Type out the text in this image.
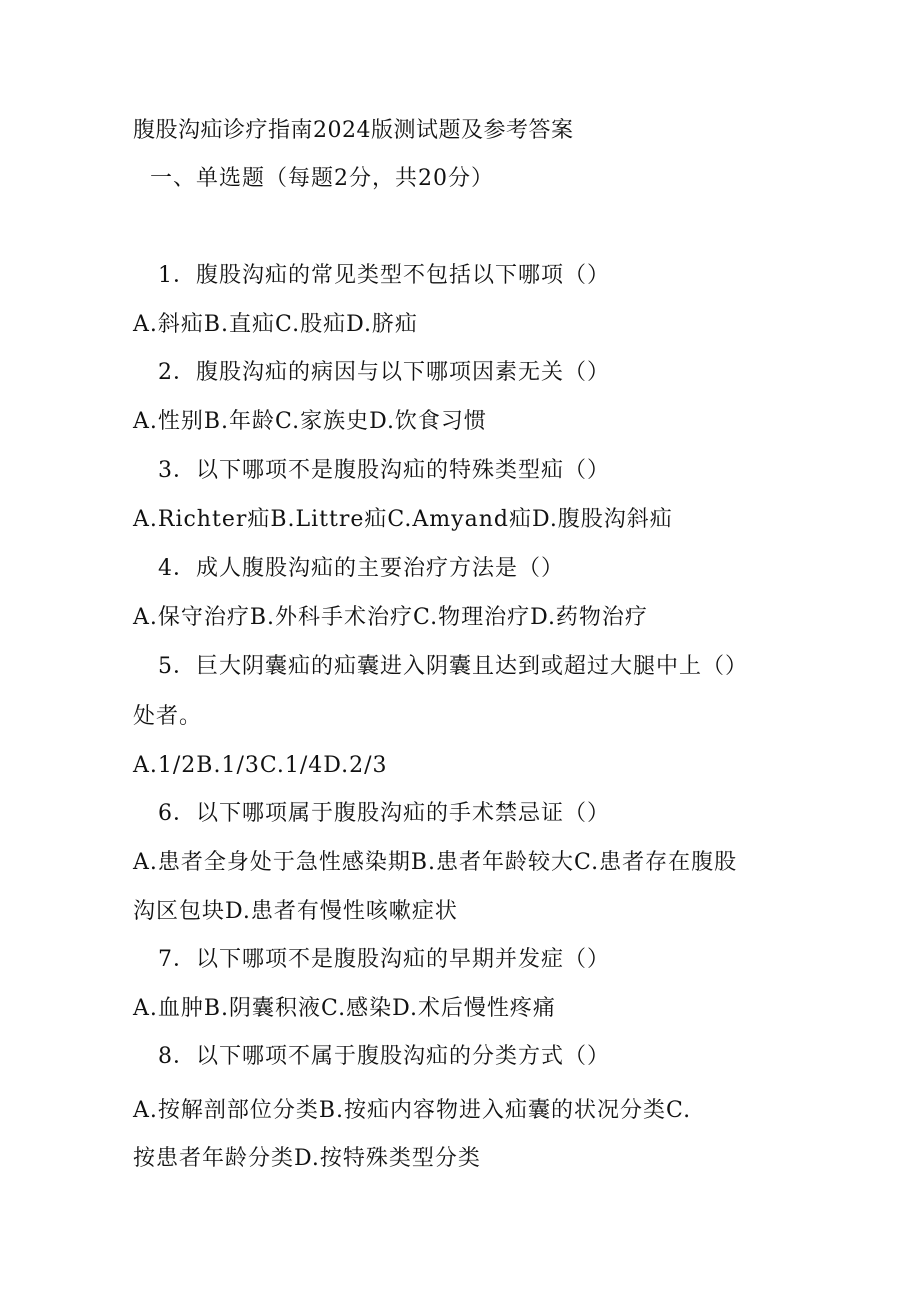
腹股沟疝诊疗指南2024版测试题及参考答案
一、单选题（每题2分，共20分）
1．腹股沟疝的常见类型不包括以下哪项（）
A.斜疝B.直疝C.股疝D.脐疝
2．腹股沟疝的病因与以下哪项因素无关（）
A.性别B.年龄C.家族史D.饮食习惯
3．以下哪项不是腹股沟疝的特殊类型疝（）
A.Richter疝B.Littre疝C.Amyand疝D.腹股沟斜疝
4．成人腹股沟疝的主要治疗方法是（）
A.保守治疗B.外科手术治疗C.物理治疗D.药物治疗
5．巨大阴囊疝的疝囊进入阴囊且达到或超过大腿中上（）
处者。
A.1/2B.1/3C.1/4D.2/3
6．以下哪项属于腹股沟疝的手术禁忌证（）
A.患者全身处于急性感染期B.患者年龄较大C.患者存在腹股
沟区包块D.患者有慢性咳嗽症状
7．以下哪项不是腹股沟疝的早期并发症（）
A.血肿B.阴囊积液C.感染D.术后慢性疼痛
8．以下哪项不属于腹股沟疝的分类方式（）
A.按解剖部位分类B.按疝内容物进入疝囊的状况分类C.
按患者年龄分类D.按特殊类型分类
